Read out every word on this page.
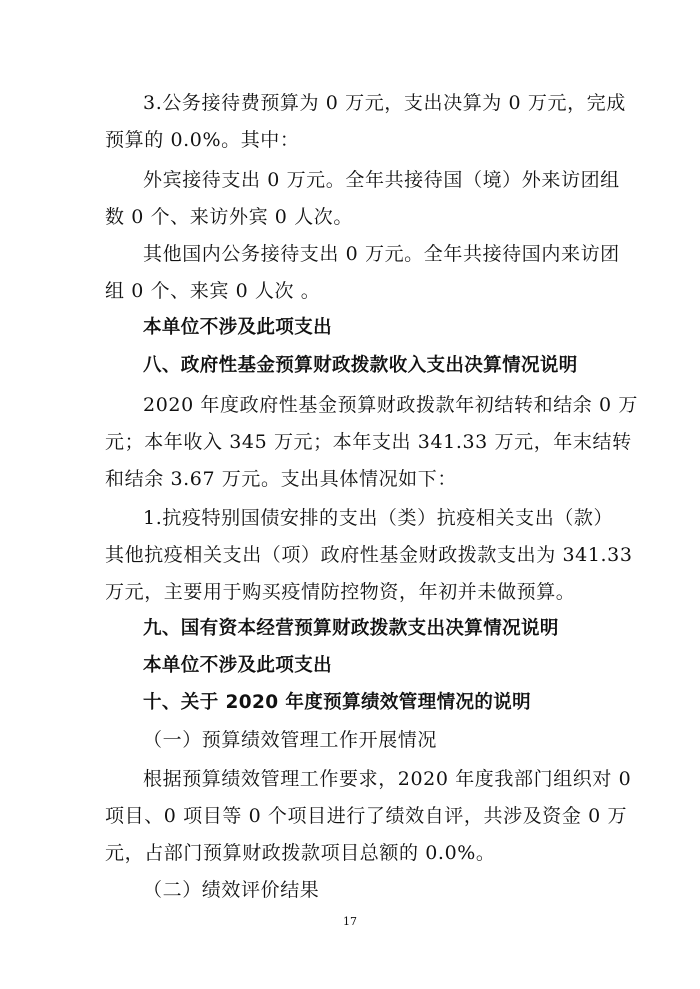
3.公务接待费预算为 0 万元，支出决算为 0 万元，完成
预算的 0.0%。其中：
外宾接待支出 0 万元。全年共接待国（境）外来访团组
数 0 个、来访外宾 0 人次。
其他国内公务接待支出 0 万元。全年共接待国内来访团
组 0 个、来宾 0 人次 。
本单位不涉及此项支出
八、政府性基金预算财政拨款收入支出决算情况说明
2020 年度政府性基金预算财政拨款年初结转和结余 0 万
元；本年收入 345 万元；本年支出 341.33 万元，年末结转
和结余 3.67 万元。支出具体情况如下：
1.抗疫特别国债安排的支出（类）抗疫相关支出（款）
其他抗疫相关支出（项）政府性基金财政拨款支出为 341.33
万元，主要用于购买疫情防控物资，年初并未做预算。
九、国有资本经营预算财政拨款支出决算情况说明
本单位不涉及此项支出
十、关于 2020 年度预算绩效管理情况的说明
（一）预算绩效管理工作开展情况
根据预算绩效管理工作要求，2020 年度我部门组织对 0
项目、0 项目等 0 个项目进行了绩效自评，共涉及资金 0 万
元，占部门预算财政拨款项目总额的 0.0%。
（二）绩效评价结果
17
